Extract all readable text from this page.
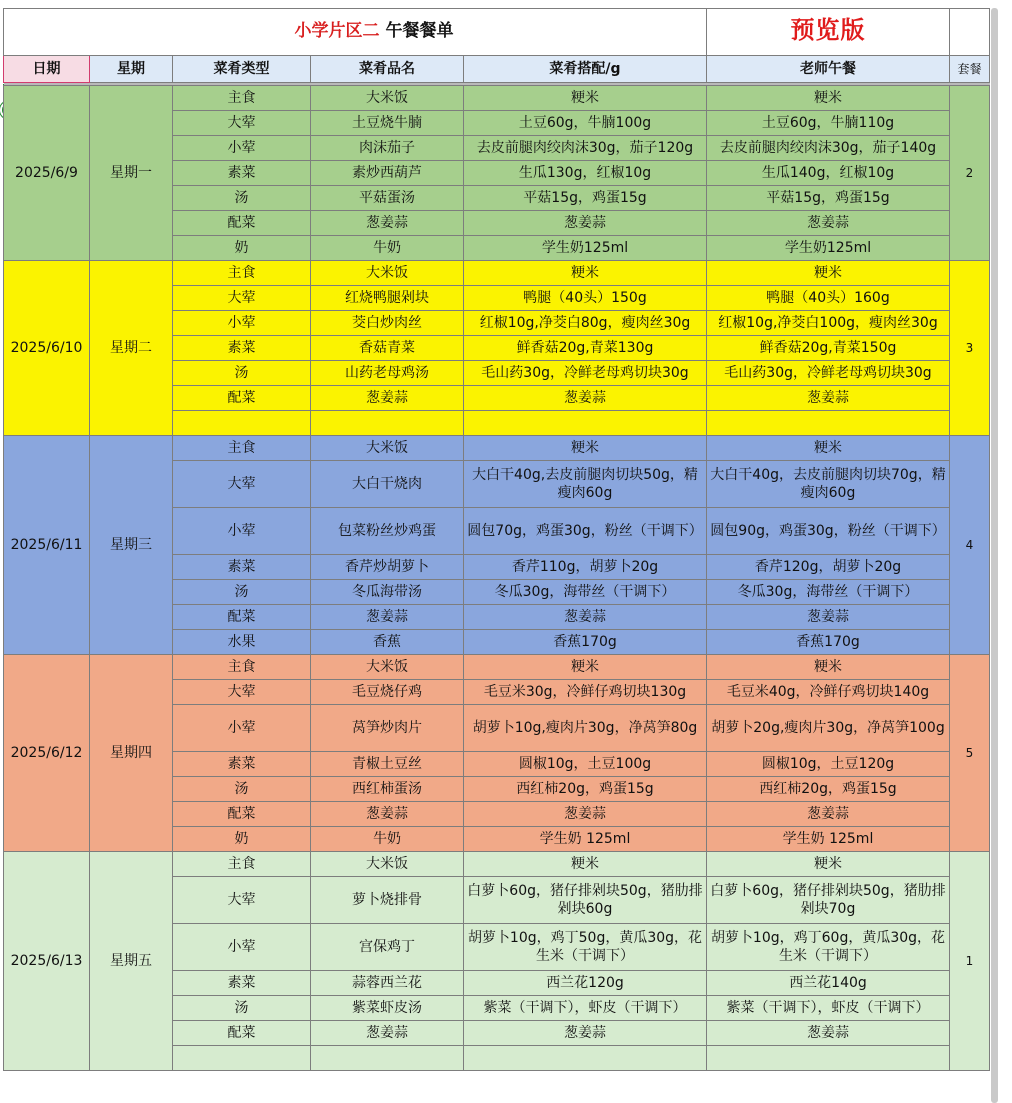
小学片区二 午餐餐单					预览版	
日期	星期	菜肴类型	菜肴品名	菜肴搭配/g	老师午餐	套餐

2025/6/9	星期一	主食	大米饭	粳米	粳米	2
		大荤	土豆烧牛腩	土豆60g，牛腩100g	土豆60g，牛腩110g	
		小荤	肉沫茄子	去皮前腿肉绞肉沫30g，茄子120g	去皮前腿肉绞肉沫30g，茄子140g	
		素菜	素炒西葫芦	生瓜130g，红椒10g	生瓜140g，红椒10g	
		汤	平菇蛋汤	平菇15g，鸡蛋15g	平菇15g，鸡蛋15g	
		配菜	葱姜蒜	葱姜蒜	葱姜蒜	
		奶	牛奶	学生奶125ml	学生奶125ml	
2025/6/10	星期二	主食	大米饭	粳米	粳米	3
		大荤	红烧鸭腿剁块	鸭腿（40头）150g	鸭腿（40头）160g	
		小荤	茭白炒肉丝	红椒10g,净茭白80g，瘦肉丝30g	红椒10g,净茭白100g，瘦肉丝30g	
		素菜	香菇青菜	鲜香菇20g,青菜130g	鲜香菇20g,青菜150g	
		汤	山药老母鸡汤	毛山药30g，冷鲜老母鸡切块30g	毛山药30g，冷鲜老母鸡切块30g	
		配菜	葱姜蒜	葱姜蒜	葱姜蒜	

2025/6/11	星期三	主食	大米饭	粳米	粳米	4
		大荤	大白干烧肉	大白干40g,去皮前腿肉切块50g，精瘦肉60g	大白干40g，去皮前腿肉切块70g，精瘦肉60g	
		小荤	包菜粉丝炒鸡蛋	圆包70g，鸡蛋30g，粉丝（干调下）	圆包90g，鸡蛋30g，粉丝（干调下）	
		素菜	香芹炒胡萝卜	香芹110g，胡萝卜20g	香芹120g，胡萝卜20g	
		汤	冬瓜海带汤	冬瓜30g，海带丝（干调下）	冬瓜30g，海带丝（干调下）	
		配菜	葱姜蒜	葱姜蒜	葱姜蒜	
		水果	香蕉	香蕉170g	香蕉170g	
2025/6/12	星期四	主食	大米饭	粳米	粳米	5
		大荤	毛豆烧仔鸡	毛豆米30g，冷鲜仔鸡切块130g	毛豆米40g，冷鲜仔鸡切块140g	
		小荤	莴笋炒肉片	胡萝卜10g,瘦肉片30g，净莴笋80g	胡萝卜20g,瘦肉片30g，净莴笋100g	
		素菜	青椒土豆丝	圆椒10g，土豆100g	圆椒10g，土豆120g	
		汤	西红柿蛋汤	西红柿20g，鸡蛋15g	西红柿20g，鸡蛋15g	
		配菜	葱姜蒜	葱姜蒜	葱姜蒜	
		奶	牛奶	学生奶 125ml	学生奶 125ml	
2025/6/13	星期五	主食	大米饭	粳米	粳米	1
		大荤	萝卜烧排骨	白萝卜60g，猪仔排剁块50g，猪肋排剁块60g	白萝卜60g，猪仔排剁块50g，猪肋排剁块70g	
		小荤	宫保鸡丁	胡萝卜10g，鸡丁50g，黄瓜30g，花生米（干调下）	胡萝卜10g，鸡丁60g，黄瓜30g，花生米（干调下）	
		素菜	蒜蓉西兰花	西兰花120g	西兰花140g	
		汤	紫菜虾皮汤	紫菜（干调下），虾皮（干调下）	紫菜（干调下），虾皮（干调下）	
		配菜	葱姜蒜	葱姜蒜	葱姜蒜	
